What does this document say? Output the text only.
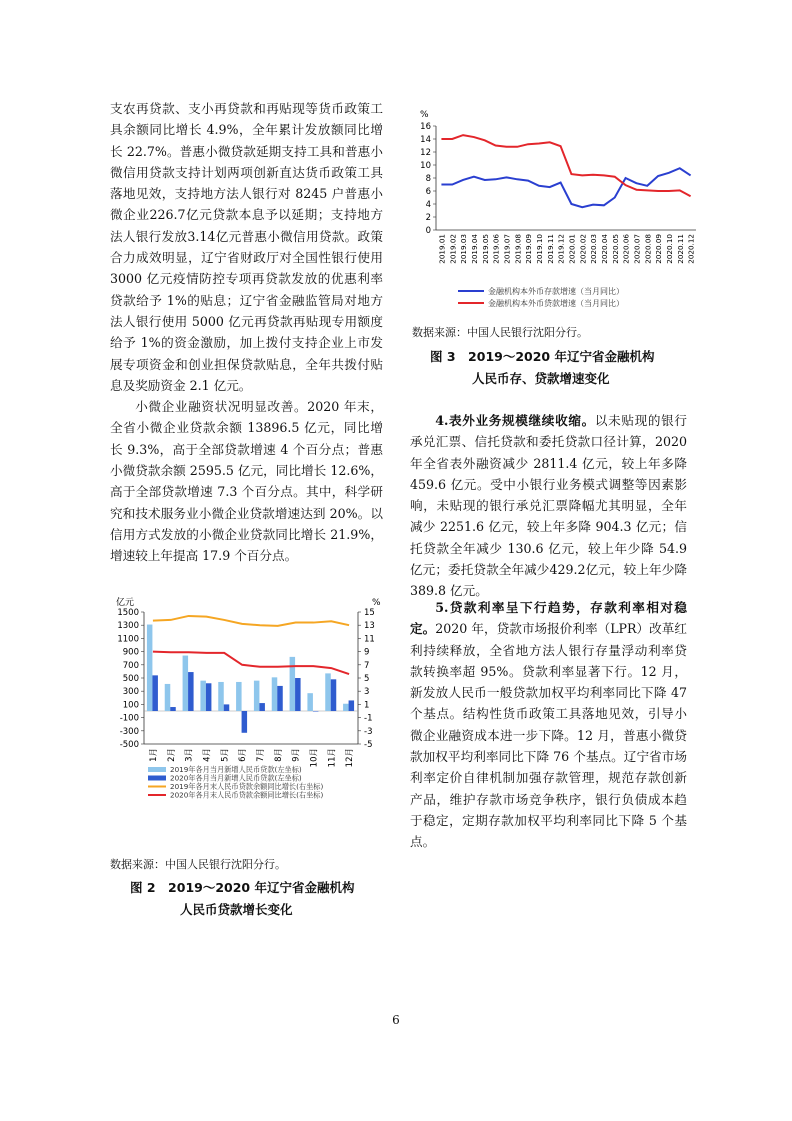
支农再贷款、支小再贷款和再贴现等货币政策工具余额同比增长 4.9%，全年累计发放额同比增长 22.7%。普惠小微贷款延期支持工具和普惠小微信用贷款支持计划两项创新直达货币政策工具落地见效，支持地方法人银行对 8245 户普惠小微企业226.7亿元贷款本息予以延期；支持地方法人银行发放3.14亿元普惠小微信用贷款。政策合力成效明显，辽宁省财政厅对全国性银行使用 3000 亿元疫情防控专项再贷款发放的优惠利率贷款给予 1%的贴息；辽宁省金融监管局对地方法人银行使用 5000 亿元再贷款再贴现专用额度给予 1%的资金激励，加上拨付支持企业上市发展专项资金和创业担保贷款贴息，全年共拨付贴息及奖励资金 2.1 亿元。

小微企业融资状况明显改善。2020 年末，全省小微企业贷款余额 13896.5 亿元，同比增长 9.3%，高于全部贷款增速 4 个百分点；普惠小微贷款余额 2595.5 亿元，同比增长 12.6%，高于全部贷款增速 7.3 个百分点。其中，科学研究和技术服务业小微企业贷款增速达到 20%。以信用方式发放的小微企业贷款同比增长 21.9%，增速较上年提高 17.9 个百分点。

亿元	%
1500
1300
1100
900
700
500
300
100
-100
-300
-500
15
13
11
9
7
5
3
1
-1
-3
-5
1月 2月 3月 4月 5月 6月 7月 8月 9月 10月 11月 12月
2019年各月当月新增人民币贷款(左坐标)
2020年各月当月新增人民币贷款(左坐标)
2019年各月末人民币贷款余额同比增长(右坐标)
2020年各月末人民币贷款余额同比增长(右坐标)
数据来源：中国人民银行沈阳分行。
图 2　2019～2020 年辽宁省金融机构
人民币贷款增长变化
%
16
14
12
10
8
6
4
2
0
2019.01 2019.02 2019.03 2019.04 2019.05 2019.06 2019.07 2019.08 2019.09 2019.10 2019.11 2019.12 2020.01 2020.02 2020.03 2020.04 2020.05 2020.06 2020.07 2020.08 2020.09 2020.10 2020.11 2020.12
金融机构本外币存款增速（当月同比）
金融机构本外币贷款增速（当月同比）
数据来源：中国人民银行沈阳分行。
图 3　2019～2020 年辽宁省金融机构
人民币存、贷款增速变化

4.表外业务规模继续收缩。以未贴现的银行承兑汇票、信托贷款和委托贷款口径计算，2020 年全省表外融资减少 2811.4 亿元，较上年多降 459.6 亿元。受中小银行业务模式调整等因素影响，未贴现的银行承兑汇票降幅尤其明显，全年减少 2251.6 亿元，较上年多降 904.3 亿元；信托贷款全年减少 130.6 亿元，较上年少降 54.9 亿元；委托贷款全年减少429.2亿元，较上年少降 389.8 亿元。

5.贷款利率呈下行趋势，存款利率相对稳定。2020 年，贷款市场报价利率（LPR）改革红利持续释放，全省地方法人银行存量浮动利率贷款转换率超 95%。贷款利率显著下行。12 月，新发放人民币一般贷款加权平均利率同比下降 47 个基点。结构性货币政策工具落地见效，引导小微企业融资成本进一步下降。12 月，普惠小微贷款加权平均利率同比下降 76 个基点。辽宁省市场利率定价自律机制加强存款管理，规范存款创新产品，维护存款市场竞争秩序，银行负债成本趋于稳定，定期存款加权平均利率同比下降 5 个基点。

6
